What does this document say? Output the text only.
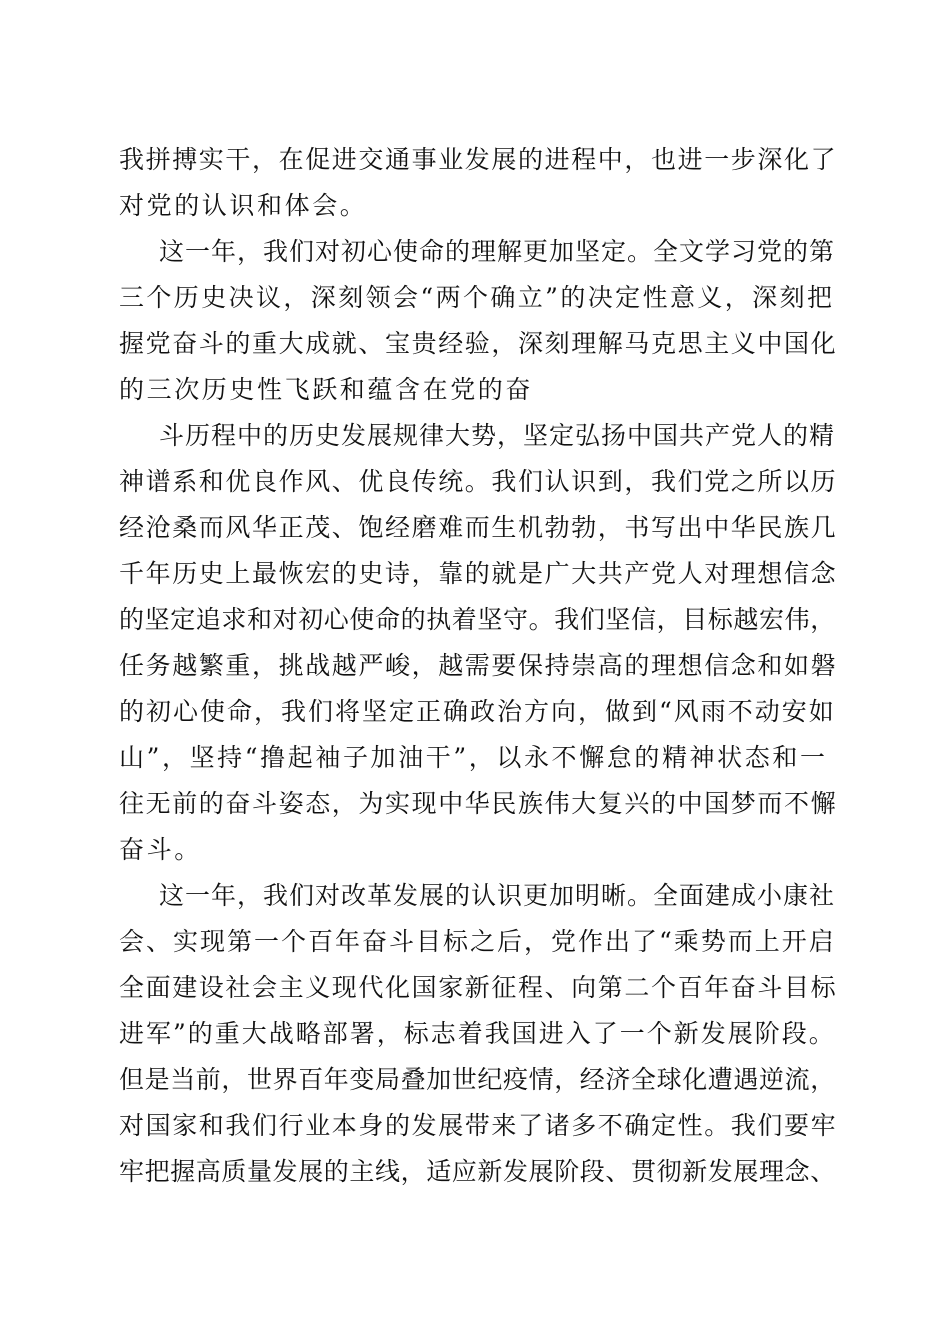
我拼搏实干，在促进交通事业发展的进程中，也进一步深化了
对党的认识和体会。
这一年，我们对初心使命的理解更加坚定。全文学习党的第
三个历史决议，深刻领会“两个确立”的决定性意义，深刻把
握党奋斗的重大成就、宝贵经验，深刻理解马克思主义中国化
的三次历史性飞跃和蕴含在党的奋
斗历程中的历史发展规律大势，坚定弘扬中国共产党人的精
神谱系和优良作风、优良传统。我们认识到，我们党之所以历
经沧桑而风华正茂、饱经磨难而生机勃勃，书写出中华民族几
千年历史上最恢宏的史诗，靠的就是广大共产党人对理想信念
的坚定追求和对初心使命的执着坚守。我们坚信，目标越宏伟，
任务越繁重，挑战越严峻，越需要保持崇高的理想信念和如磐
的初心使命，我们将坚定正确政治方向，做到“风雨不动安如
山”，坚持“撸起袖子加油干”，以永不懈怠的精神状态和一
往无前的奋斗姿态，为实现中华民族伟大复兴的中国梦而不懈
奋斗。
这一年，我们对改革发展的认识更加明晰。全面建成小康社
会、实现第一个百年奋斗目标之后，党作出了“乘势而上开启
全面建设社会主义现代化国家新征程、向第二个百年奋斗目标
进军”的重大战略部署，标志着我国进入了一个新发展阶段。
但是当前，世界百年变局叠加世纪疫情，经济全球化遭遇逆流，
对国家和我们行业本身的发展带来了诸多不确定性。我们要牢
牢把握高质量发展的主线，适应新发展阶段、贯彻新发展理念、
